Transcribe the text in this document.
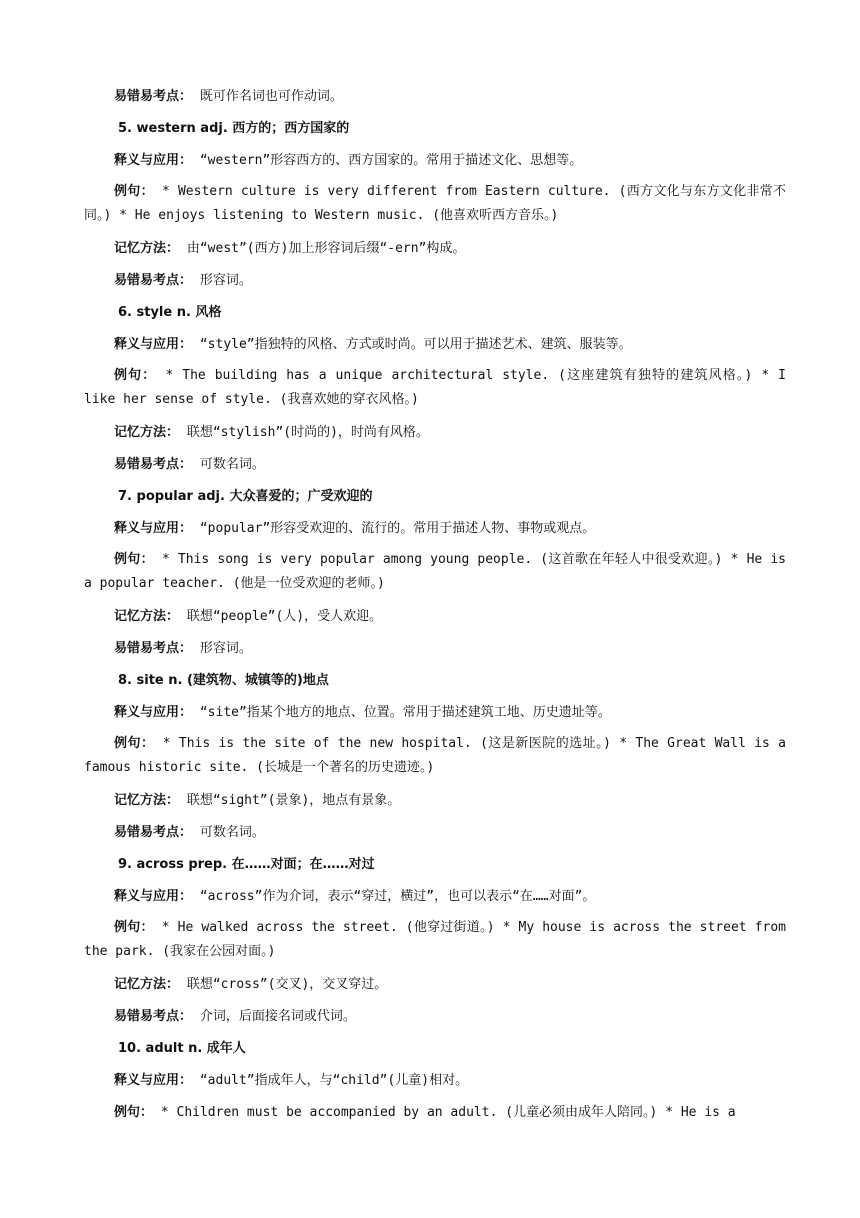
易错易考点： 既可作名词也可作动词。
5. western adj. 西方的；西方国家的
释义与应用： “western”形容西方的、西方国家的。常用于描述文化、思想等。
例句： * Western culture is very different from Eastern culture. (西方文化与东方文化非常不同。) * He enjoys listening to Western music. (他喜欢听西方音乐。)
记忆方法： 由“west”(西方)加上形容词后缀“-ern”构成。
易错易考点： 形容词。
6. style n. 风格
释义与应用： “style”指独特的风格、方式或时尚。可以用于描述艺术、建筑、服装等。
例句： * The building has a unique architectural style. (这座建筑有独特的建筑风格。) * I like her sense of style. (我喜欢她的穿衣风格。)
记忆方法： 联想“stylish”(时尚的)，时尚有风格。
易错易考点： 可数名词。
7. popular adj. 大众喜爱的；广受欢迎的
释义与应用： “popular”形容受欢迎的、流行的。常用于描述人物、事物或观点。
例句： * This song is very popular among young people. (这首歌在年轻人中很受欢迎。) * He is a popular teacher. (他是一位受欢迎的老师。)
记忆方法： 联想“people”(人)，受人欢迎。
易错易考点： 形容词。
8. site n. (建筑物、城镇等的)地点
释义与应用： “site”指某个地方的地点、位置。常用于描述建筑工地、历史遗址等。
例句： * This is the site of the new hospital. (这是新医院的选址。) * The Great Wall is a famous historic site. (长城是一个著名的历史遗迹。)
记忆方法： 联想“sight”(景象)，地点有景象。
易错易考点： 可数名词。
9. across prep. 在……对面；在……对过
释义与应用： “across”作为介词，表示“穿过，横过”，也可以表示“在……对面”。
例句： * He walked across the street. (他穿过街道。) * My house is across the street from the park. (我家在公园对面。)
记忆方法： 联想“cross”(交叉)，交叉穿过。
易错易考点： 介词，后面接名词或代词。
10. adult n. 成年人
释义与应用： “adult”指成年人，与“child”(儿童)相对。
例句： * Children must be accompanied by an adult. (儿童必须由成年人陪同。) * He is a
